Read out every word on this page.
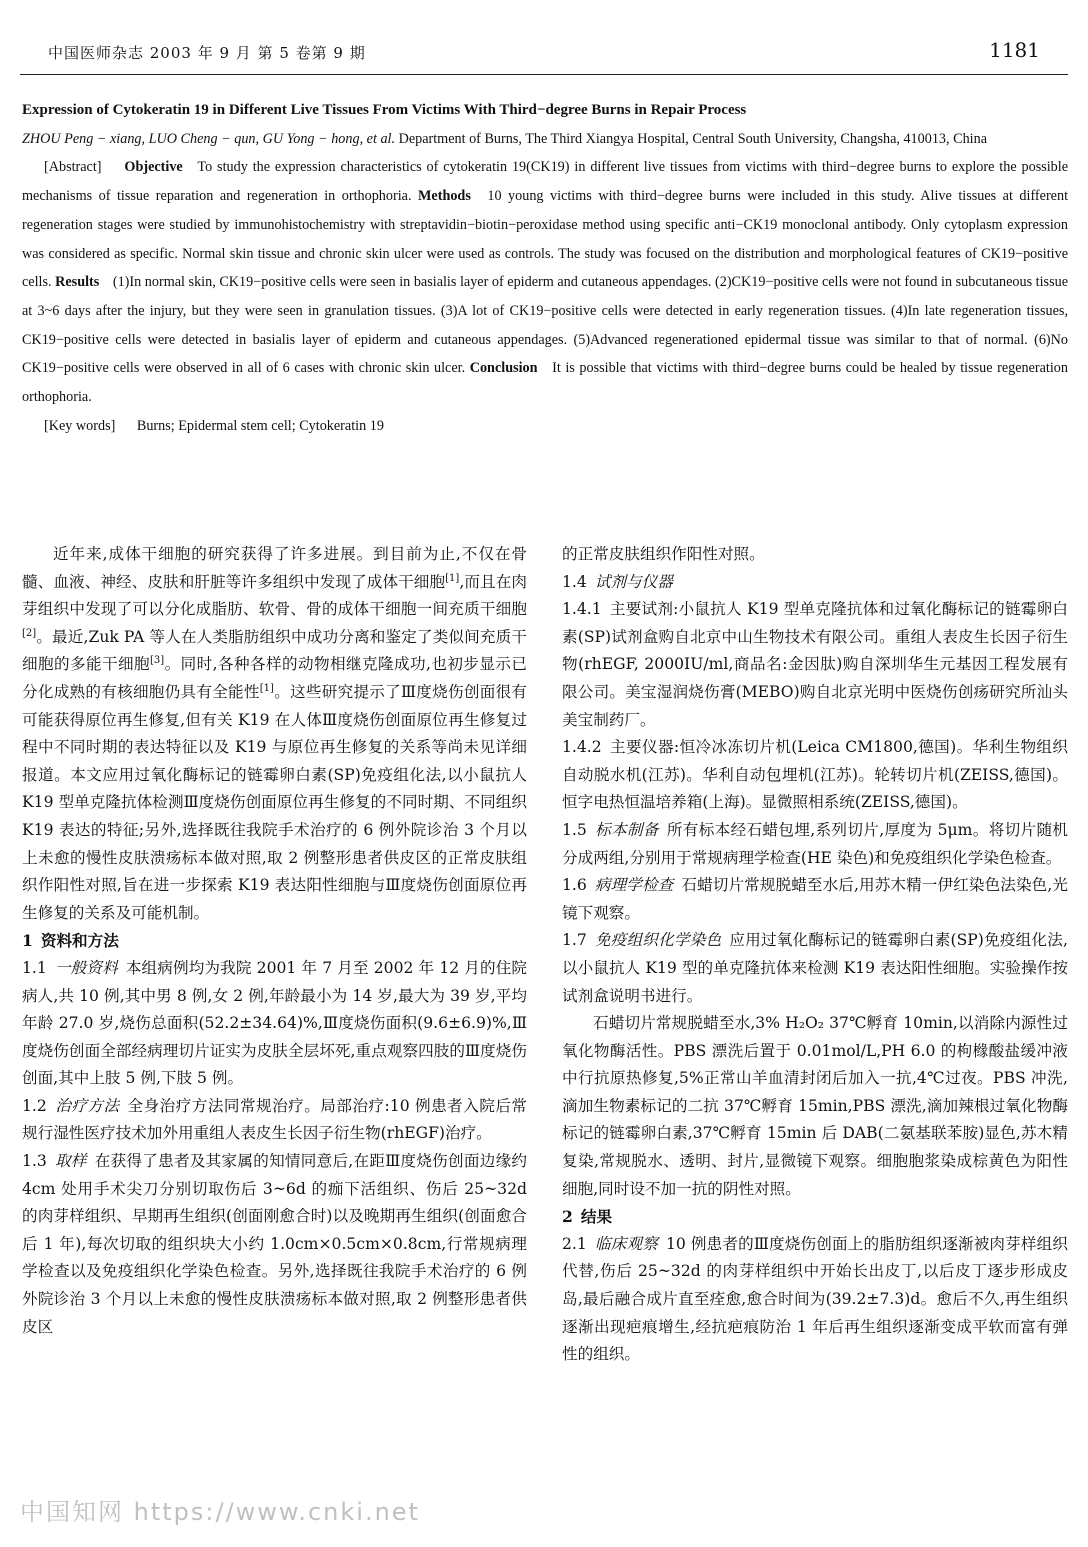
中国医师杂志 2003 年 9 月 第 5 卷第 9 期	1181

Expression of Cytokeratin 19 in Different Live Tissues From Victims With Third−degree Burns in Repair Process

ZHOU Peng − xiang, LUO Cheng − qun, GU Yong − hong, et al. Department of Burns, The Third Xiangya Hospital, Central South University, Changsha, 410013, China

[Abstract] Objective To study the expression characteristics of cytokeratin 19(CK19) in different live tissues from victims with third−degree burns to explore the possible mechanisms of tissue reparation and regeneration in orthophoria. Methods 10 young victims with third−degree burns were included in this study. Alive tissues at different regeneration stages were studied by immunohistochemistry with streptavidin−biotin−peroxidase method using specific anti−CK19 monoclonal antibody. Only cytoplasm expression was considered as specific. Normal skin tissue and chronic skin ulcer were used as controls. The study was focused on the distribution and morphological features of CK19−positive cells. Results (1)In normal skin, CK19−positive cells were seen in basialis layer of epiderm and cutaneous appendages. (2)CK19−positive cells were not found in subcutaneous tissue at 3~6 days after the injury, but they were seen in granulation tissues. (3)A lot of CK19−positive cells were detected in early regeneration tissues. (4)In late regeneration tissues, CK19−positive cells were detected in basialis layer of epiderm and cutaneous appendages. (5)Advanced regenerationed epidermal tissue was similar to that of normal. (6)No CK19−positive cells were observed in all of 6 cases with chronic skin ulcer. Conclusion It is possible that victims with third−degree burns could be healed by tissue regeneration orthophoria.

[Key words] Burns; Epidermal stem cell; Cytokeratin 19

近年来,成体干细胞的研究获得了许多进展。到目前为止,不仅在骨髓、血液、神经、皮肤和肝脏等许多组织中发现了成体干细胞[1],而且在肉芽组织中发现了可以分化成脂肪、软骨、骨的成体干细胞一间充质干细胞[2]。最近,Zuk PA 等人在人类脂肪组织中成功分离和鉴定了类似间充质干细胞的多能干细胞[3]。同时,各种各样的动物相继克隆成功,也初步显示已分化成熟的有核细胞仍具有全能性[1]。这些研究提示了Ⅲ度烧伤创面很有可能获得原位再生修复,但有关 K19 在人体Ⅲ度烧伤创面原位再生修复过程中不同时期的表达特征以及 K19 与原位再生修复的关系等尚未见详细报道。本文应用过氧化酶标记的链霉卵白素(SP)免疫组化法,以小鼠抗人 K19 型单克隆抗体检测Ⅲ度烧伤创面原位再生修复的不同时期、不同组织 K19 表达的特征;另外,选择既往我院手术治疗的 6 例外院诊治 3 个月以上未愈的慢性皮肤溃疡标本做对照,取 2 例整形患者供皮区的正常皮肤组织作阳性对照,旨在进一步探索 K19 表达阳性细胞与Ⅲ度烧伤创面原位再生修复的关系及可能机制。

1 资料和方法

1.1 一般资料 本组病例均为我院 2001 年 7 月至 2002 年 12 月的住院病人,共 10 例,其中男 8 例,女 2 例,年龄最小为 14 岁,最大为 39 岁,平均年龄 27.0 岁,烧伤总面积(52.2±34.64)%,Ⅲ度烧伤面积(9.6±6.9)%,Ⅲ度烧伤创面全部经病理切片证实为皮肤全层坏死,重点观察四肢的Ⅲ度烧伤创面,其中上肢 5 例,下肢 5 例。

1.2 治疗方法 全身治疗方法同常规治疗。局部治疗:10 例患者入院后常规行湿性医疗技术加外用重组人表皮生长因子衍生物(rhEGF)治疗。

1.3 取样 在获得了患者及其家属的知情同意后,在距Ⅲ度烧伤创面边缘约 4cm 处用手术尖刀分别切取伤后 3~6d 的痂下活组织、伤后 25~32d 的肉芽样组织、早期再生组织(创面刚愈合时)以及晚期再生组织(创面愈合后 1 年),每次切取的组织块大小约 1.0cm×0.5cm×0.8cm,行常规病理学检查以及免疫组织化学染色检查。另外,选择既往我院手术治疗的 6 例外院诊治 3 个月以上未愈的慢性皮肤溃疡标本做对照,取 2 例整形患者供皮区

的正常皮肤组织作阳性对照。

1.4 试剂与仪器

1.4.1 主要试剂:小鼠抗人 K19 型单克隆抗体和过氧化酶标记的链霉卵白素(SP)试剂盒购自北京中山生物技术有限公司。重组人表皮生长因子衍生物(rhEGF, 2000IU/ml,商品名:金因肽)购自深圳华生元基因工程发展有限公司。美宝湿润烧伤膏(MEBO)购自北京光明中医烧伤创疡研究所汕头美宝制药厂。

1.4.2 主要仪器:恒冷冰冻切片机(Leica CM1800,德国)。华利生物组织自动脱水机(江苏)。华利自动包埋机(江苏)。轮转切片机(ZEISS,德国)。恒字电热恒温培养箱(上海)。显微照相系统(ZEISS,德国)。

1.5 标本制备 所有标本经石蜡包埋,系列切片,厚度为 5μm。将切片随机分成两组,分别用于常规病理学检查(HE 染色)和免疫组织化学染色检查。

1.6 病理学检查 石蜡切片常规脱蜡至水后,用苏木精一伊红染色法染色,光镜下观察。

1.7 免疫组织化学染色 应用过氧化酶标记的链霉卵白素(SP)免疫组化法,以小鼠抗人 K19 型的单克隆抗体来检测 K19 表达阳性细胞。实验操作按试剂盒说明书进行。

石蜡切片常规脱蜡至水,3% H₂O₂ 37℃孵育 10min,以消除内源性过氧化物酶活性。PBS 漂洗后置于 0.01mol/L,PH 6.0 的枸橼酸盐缓冲液中行抗原热修复,5%正常山羊血清封闭后加入一抗,4℃过夜。PBS 冲洗,滴加生物素标记的二抗 37℃孵育 15min,PBS 漂洗,滴加辣根过氧化物酶标记的链霉卵白素,37℃孵育 15min 后 DAB(二氨基联苯胺)显色,苏木精复染,常规脱水、透明、封片,显微镜下观察。细胞胞浆染成棕黄色为阳性细胞,同时设不加一抗的阴性对照。

2 结果

2.1 临床观察 10 例患者的Ⅲ度烧伤创面上的脂肪组织逐渐被肉芽样组织代替,伤后 25~32d 的肉芽样组织中开始长出皮丁,以后皮丁逐步形成皮岛,最后融合成片直至痊愈,愈合时间为(39.2±7.3)d。愈后不久,再生组织逐渐出现疤痕增生,经抗疤痕防治 1 年后再生组织逐渐变成平软而富有弹性的组织。

中国知网 https://www.cnki.net
